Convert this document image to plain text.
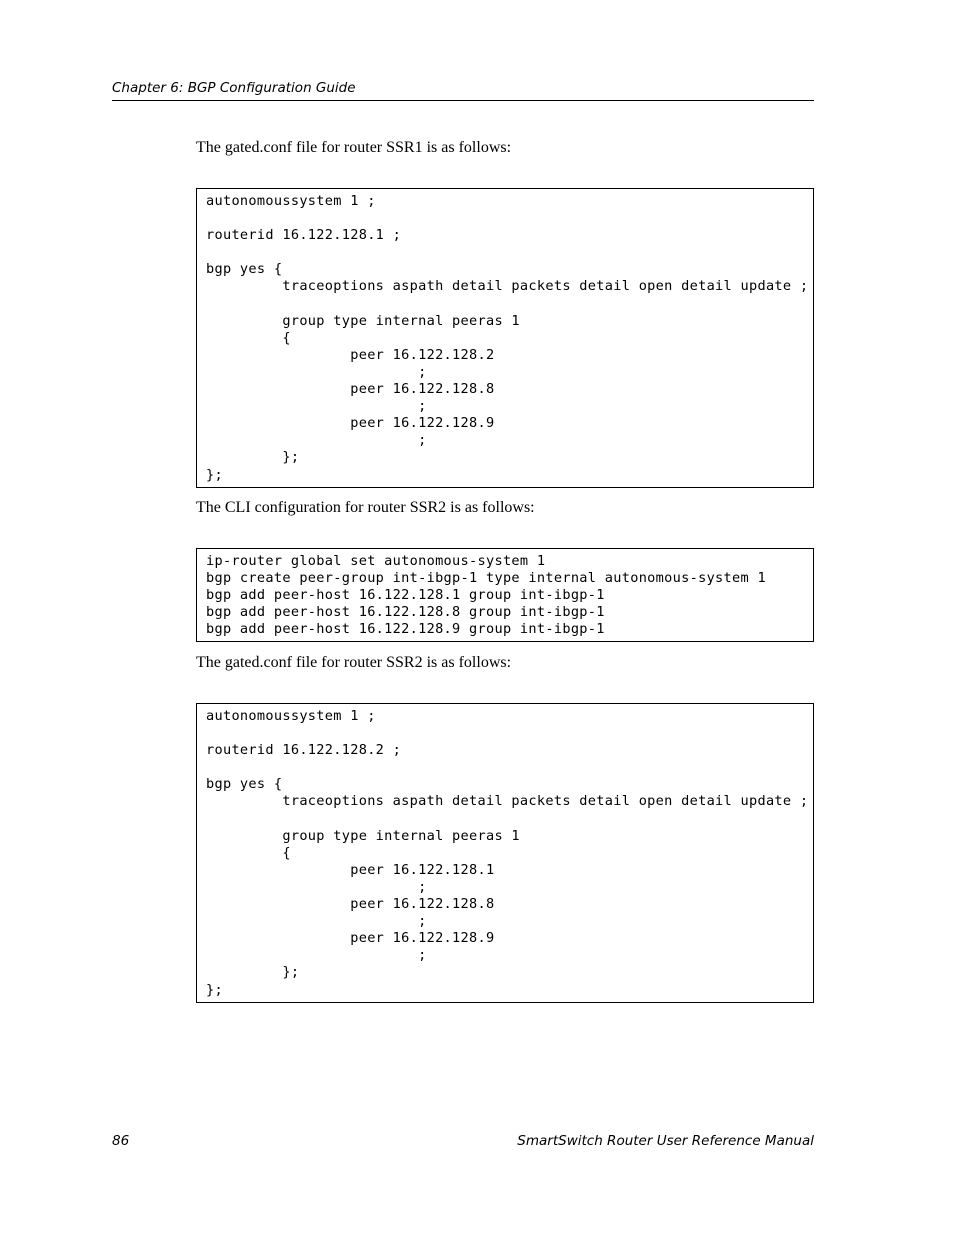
Chapter 6: BGP Configuration Guide

The gated.conf file for router SSR1 is as follows:

autonomoussystem 1 ;

routerid 16.122.128.1 ;

bgp yes {
traceoptions aspath detail packets detail open detail update ;

group type internal peeras 1
{
peer 16.122.128.2
;
peer 16.122.128.8
;
peer 16.122.128.9
;
};
};

The CLI configuration for router SSR2 is as follows:

ip-router global set autonomous-system 1
bgp create peer-group int-ibgp-1 type internal autonomous-system 1
bgp add peer-host 16.122.128.1 group int-ibgp-1
bgp add peer-host 16.122.128.8 group int-ibgp-1
bgp add peer-host 16.122.128.9 group int-ibgp-1

The gated.conf file for router SSR2 is as follows:

autonomoussystem 1 ;

routerid 16.122.128.2 ;

bgp yes {
traceoptions aspath detail packets detail open detail update ;

group type internal peeras 1
{
peer 16.122.128.1
;
peer 16.122.128.8
;
peer 16.122.128.9
;
};
};
86	SmartSwitch Router User Reference Manual
